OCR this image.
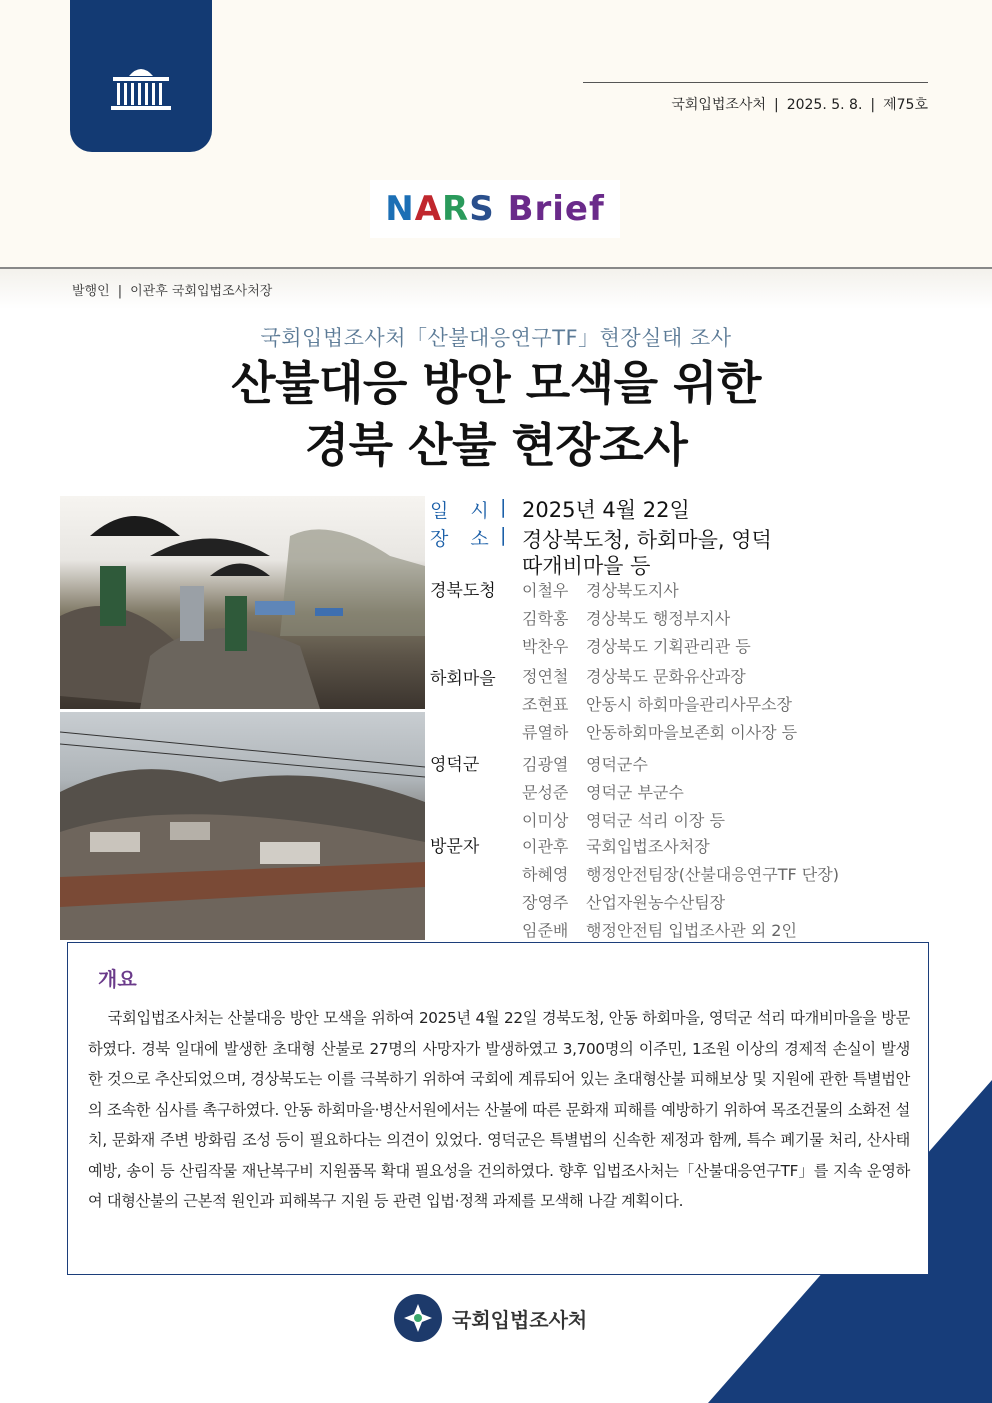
국회입법조사처 | 2025. 5. 8. | 제75호
NARS Brief
발행인 | 이관후 국회입법조사처장
국회입법조사처「산불대응연구TF」현장실태 조사
산불대응 방안 모색을 위한
경북 산불 현장조사
일 시 | 2025년 4월 22일
장 소 | 경상북도청, 하회마을, 영덕
따개비마을 등
경북도청 이철우 경상북도지사
김학홍 경상북도 행정부지사
박찬우 경상북도 기획관리관 등
하회마을 정연철 경상북도 문화유산과장
조현표 안동시 하회마을관리사무소장
류열하 안동하회마을보존회 이사장 등
영덕군	김광열 영덕군수
문성준 영덕군 부군수
이미상 영덕군 석리 이장 등
방문자	이관후 국회입법조사처장
하혜영 행정안전팀장(산불대응연구TF 단장)
장영주 산업자원농수산팀장
임준배 행정안전팀 입법조사관 외 2인
개요
국회입법조사처는 산불대응 방안 모색을 위하여 2025년 4월 22일 경북도청, 안동 하회마을, 영덕군 석리 따개비마을을 방문하였다. 경북 일대에 발생한 초대형 산불로 27명의 사망자가 발생하였고 3,700명의 이주민, 1조원 이상의 경제적 손실이 발생한 것으로 추산되었으며, 경상북도는 이를 극복하기 위하여 국회에 계류되어 있는 초대형산불 피해보상 및 지원에 관한 특별법안의 조속한 심사를 촉구하였다. 안동 하회마을·병산서원에서는 산불에 따른 문화재 피해를 예방하기 위하여 목조건물의 소화전 설치, 문화재 주변 방화림 조성 등이 필요하다는 의견이 있었다. 영덕군은 특별법의 신속한 제정과 함께, 특수 폐기물 처리, 산사태 예방, 송이 등 산림작물 재난복구비 지원품목 확대 필요성을 건의하였다. 향후 입법조사처는「산불대응연구TF」를 지속 운영하여 대형산불의 근본적 원인과 피해복구 지원 등 관련 입법·정책 과제를 모색해 나갈 계획이다.
국회입법조사처
